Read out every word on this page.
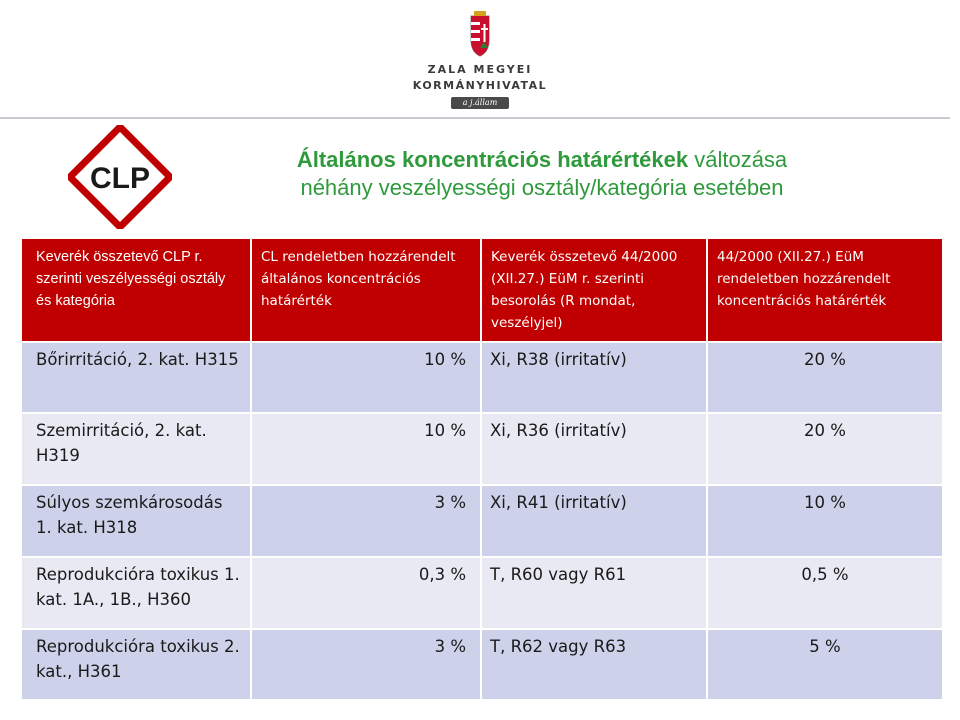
ZALA MEGYEI
KORMÁNYHIVATAL
a j.állam
CLP
Általános koncentrációs határértékek változása
néhány veszélyességi osztály/kategória esetében
Keverék összetevő CLP r. szerinti veszélyességi osztály és kategória	CL rendeletben hozzárendelt általános koncentrációs határérték	Keverék összetevő 44/2000 (XII.27.) EüM r. szerinti besorolás (R mondat, veszélyjel)	44/2000 (XII.27.) EüM rendeletben hozzárendelt koncentrációs határérték
Bőrirritáció, 2. kat. H315	10 %	Xi, R38 (irritatív)	20 %
Szemirritáció, 2. kat. H319	10 %	Xi, R36 (irritatív)	20 %
Súlyos szemkárosodás 1. kat. H318	3 %	Xi, R41 (irritatív)	10 %
Reprodukcióra toxikus 1. kat. 1A., 1B., H360	0,3 %	T, R60 vagy R61	0,5 %
Reprodukcióra toxikus 2. kat., H361	3 %	T, R62 vagy R63	5 %
